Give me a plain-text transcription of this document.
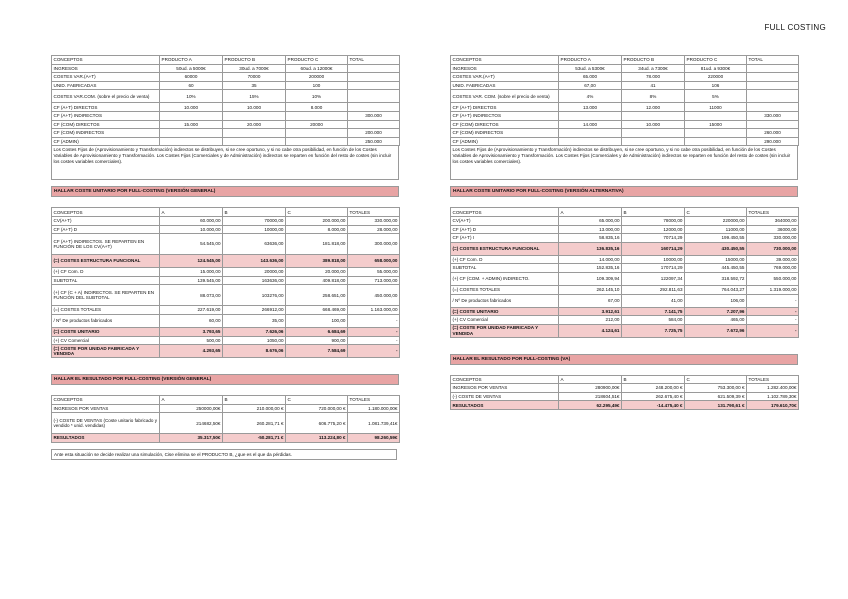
FULL COSTING
CONCEPTOS	PRODUCTO A	PRODUCTO B	PRODUCTO C	TOTAL
INGRESOS	50ud. a 5000€	30ud. a 7000€	60ud. a 12000€	
COSTES VAR.(A+T)	60000	70000	200000	
UNID. FABRICADAS	60	35	100	
COSTES VAR.COM. (sobre el precio de venta)	10%	15%	10%	
CF (A+T) DIRECTOS	10.000	10.000	8.000	
CF (A+T) INDIRECTOS				300.000
CF (COM) DIRECTOS	15.000	20.000	20000	
CF (COM) INDIRECTOS				200.000
CF (ADMIN)				250.000
Los Costes Fijos de (Aprovisionamiento y Transformación) indirectos se distribuyen, si se cree oportuno, y si no cabe otra posibilidad, en función de los Costes Variables de Aprovisionamiento y Transformación. Los Costes Fijos (Comerciales y de Administración) indirectos se reparten en función del resto de costes (sin incluir los costes variables comerciales).
HALLAR COSTE UNITARIO POR FULL-COSTING (VERSIÓN GENERAL)
CONCEPTOS	A	B	C	TOTALES
CV(A+T)	60.000,00	70000,00	200.000,00	330.000,00
CF (A+T) D	10.000,00	10000,00	8.000,00	28.000,00
CF (A+T) INDIRECTOS. SE REPARTEN EN FUNCIÓN DE LOS CV(A+T)	54.545,00	63636,00	181.818,00	300.000,00
(=) COSTES ESTRUCTURA FUNCIONAL	124.545,00	143.636,00	389.818,00	658.000,00
(+) CF Com. D	15.000,00	20000,00	20.000,00	55.000,00
SUBTOTAL	139.545,00	163636,00	409.818,00	713.000,00
(+) CF (C + A) INDIRECTOS. SE REPARTEN EN FUNCIÓN DEL SUBTOTAL	88.073,00	103276,00	258.651,00	450.000,00
(=) COSTES TOTALES	227.619,00	266912,00	668.469,00	1.163.000,00
/ Nº De productos fabricados	60,00	35,00	100,00	-
(=) COSTE UNITARIO	3.793,65	7.626,06	6.684,69	-
(+) CV Comercial	500,00	1050,00	900,00	-
(=) COSTE POR UNIDAD FABRICADA Y VENDIDA	4.293,65	8.676,06	7.584,69	-
HALLAR EL RESULTADO POR FULL-COSTING (VERSIÓN GENERAL)
CONCEPTOS	A	B	C	TOTALES
INGRESOS POR VENTAS	250000,00€	210.000,00 €	720.000,00 €	1.180.000,00€
(-) COSTE DE VENTAS (Coste unitario fabricado y vendido * unid. vendidas)	214682,50€	260.281,71 €	606.775,20 €	1.081.739,41€
RESULTADOS	35.317,50€	-50.281,71 €	113.224,80 €	98.260,59€
Ante esta situación se decide realizar una simulación, Cise elimina se el PRODUCTO B, ¿que es el que da pérdidas.
CONCEPTOS	PRODUCTO A	PRODUCTO B	PRODUCTO C	TOTAL
INGRESOS	53ud. a 5300€	34ud. a 7300€	81ud. a 9300€	
COSTES VAR.(A+T)	65.000	78.000	220000	
UNID. FABRICADAS	67,00	41	106	
COSTES VAR. COM. (sobre el precio de venta)	4%	8%	5%	
CF (A+T) DIRECTOS	13.000	12.000	11000	
CF (A+T) INDIRECTOS				330.000
CF (COM) DIRECTOS	14.000	10.000	15000	
CF (COM) INDIRECTOS				260.000
CF (ADMIN)				290.000
Los Costes Fijos de (Aprovisionamiento y Transformación) indirectos se distribuyen, si se cree oportuno, y si no cabe otra posibilidad, en función de los Costes Variables de Aprovisionamiento y Transformación. Los Costes Fijos (Comerciales y de Administración) indirectos se reparten en función del resto de costes (sin incluir los costes variables comerciales).
HALLAR COSTE UNITARIO POR FULL-COSTING (VERSIÓN ALTERNATIVA)
CONCEPTOS	A	B	C	TOTALES
CV(A+T)	65.000,00	78000,00	220000,00	364000,00
CF (A+T) D	13.000,00	12000,00	11000,00	36000,00
CF (A+T) I	58.835,16	70714,29	199.450,55	330.000,00
(=) COSTES ESTRUCTURA FUNCIONAL	136.835,16	160714,29	430.450,55	730.000,00
(+) CF Com. D	14.000,00	10000,00	15000,00	39.000,00
SUBTOTAL	152.835,16	170714,29	445.450,55	769.000,00
(+) CF (COM. + ADMIN) INDIRECTO.	109.309,94	122097,34	318.592,72	550.000,00
(=) COSTES TOTALES	262.145,10	292.811,63	764.043,27	1.319.000,00
/ Nº De productos fabricados	67,00	41,00	106,00	-
(=) COSTE UNITARIO	3.912,61	7.141,75	7.207,96	-
(+) CV Comercial	212,00	584,00	465,00	-
(=) COSTE POR UNIDAD FABRICADA Y VENDIDA	4.124,61	7.725,75	7.672,96	-
HALLAR EL RESULTADO POR FULL-COSTING (VA)
CONCEPTOS	A	B	C	TOTALES
INGRESOS POR VENTAS	280900,00€	248.200,00 €	753.300,00 €	1.282.400,00€
(-) COSTE DE VENTAS	218604,51€	262.675,40 €	621.509,39 €	1.102.789,30€
RESULTADOS	62.295,49€	-14.475,40 €	131.790,61 €	179.610,70€
